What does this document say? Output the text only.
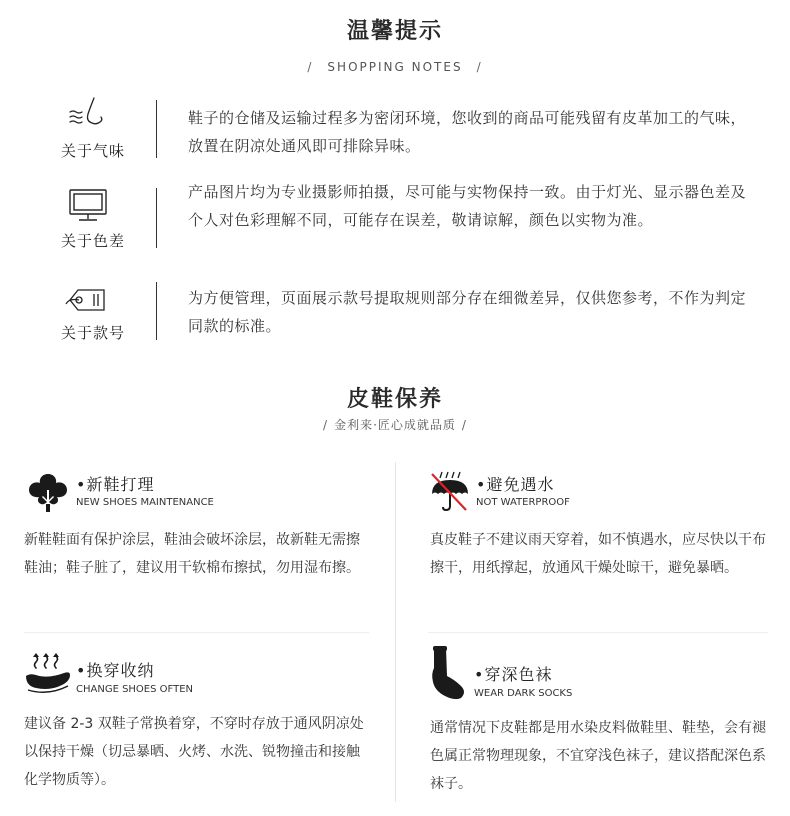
温馨提示
/ SHOPPING NOTES /
关于气味
鞋子的仓储及运输过程多为密闭环境，您收到的商品可能残留有皮革加工的气味，放置在阴凉处通风即可排除异味。
关于色差
产品图片均为专业摄影师拍摄，尽可能与实物保持一致。由于灯光、显示器色差及个人对色彩理解不同，可能存在误差，敬请谅解，颜色以实物为准。
关于款号
为方便管理，页面展示款号提取规则部分存在细微差异，仅供您参考，不作为判定同款的标准。
皮鞋保养
/ 金利来·匠心成就品质 /
•新鞋打理
NEW SHOES MAINTENANCE
新鞋鞋面有保护涂层，鞋油会破坏涂层，故新鞋无需擦鞋油；鞋子脏了，建议用干软棉布擦拭，勿用湿布擦。
•避免遇水
NOT WATERPROOF
真皮鞋子不建议雨天穿着，如不慎遇水，应尽快以干布擦干，用纸撑起，放通风干燥处晾干，避免暴晒。
•换穿收纳
CHANGE SHOES OFTEN
建议备 2-3 双鞋子常换着穿，不穿时存放于通风阴凉处以保持干燥（切忌暴晒、火烤、水洗、锐物撞击和接触化学物质等）。
•穿深色袜
WEAR DARK SOCKS
通常情况下皮鞋都是用水染皮料做鞋里、鞋垫，会有褪色属正常物理现象，不宜穿浅色袜子，建议搭配深色系袜子。
